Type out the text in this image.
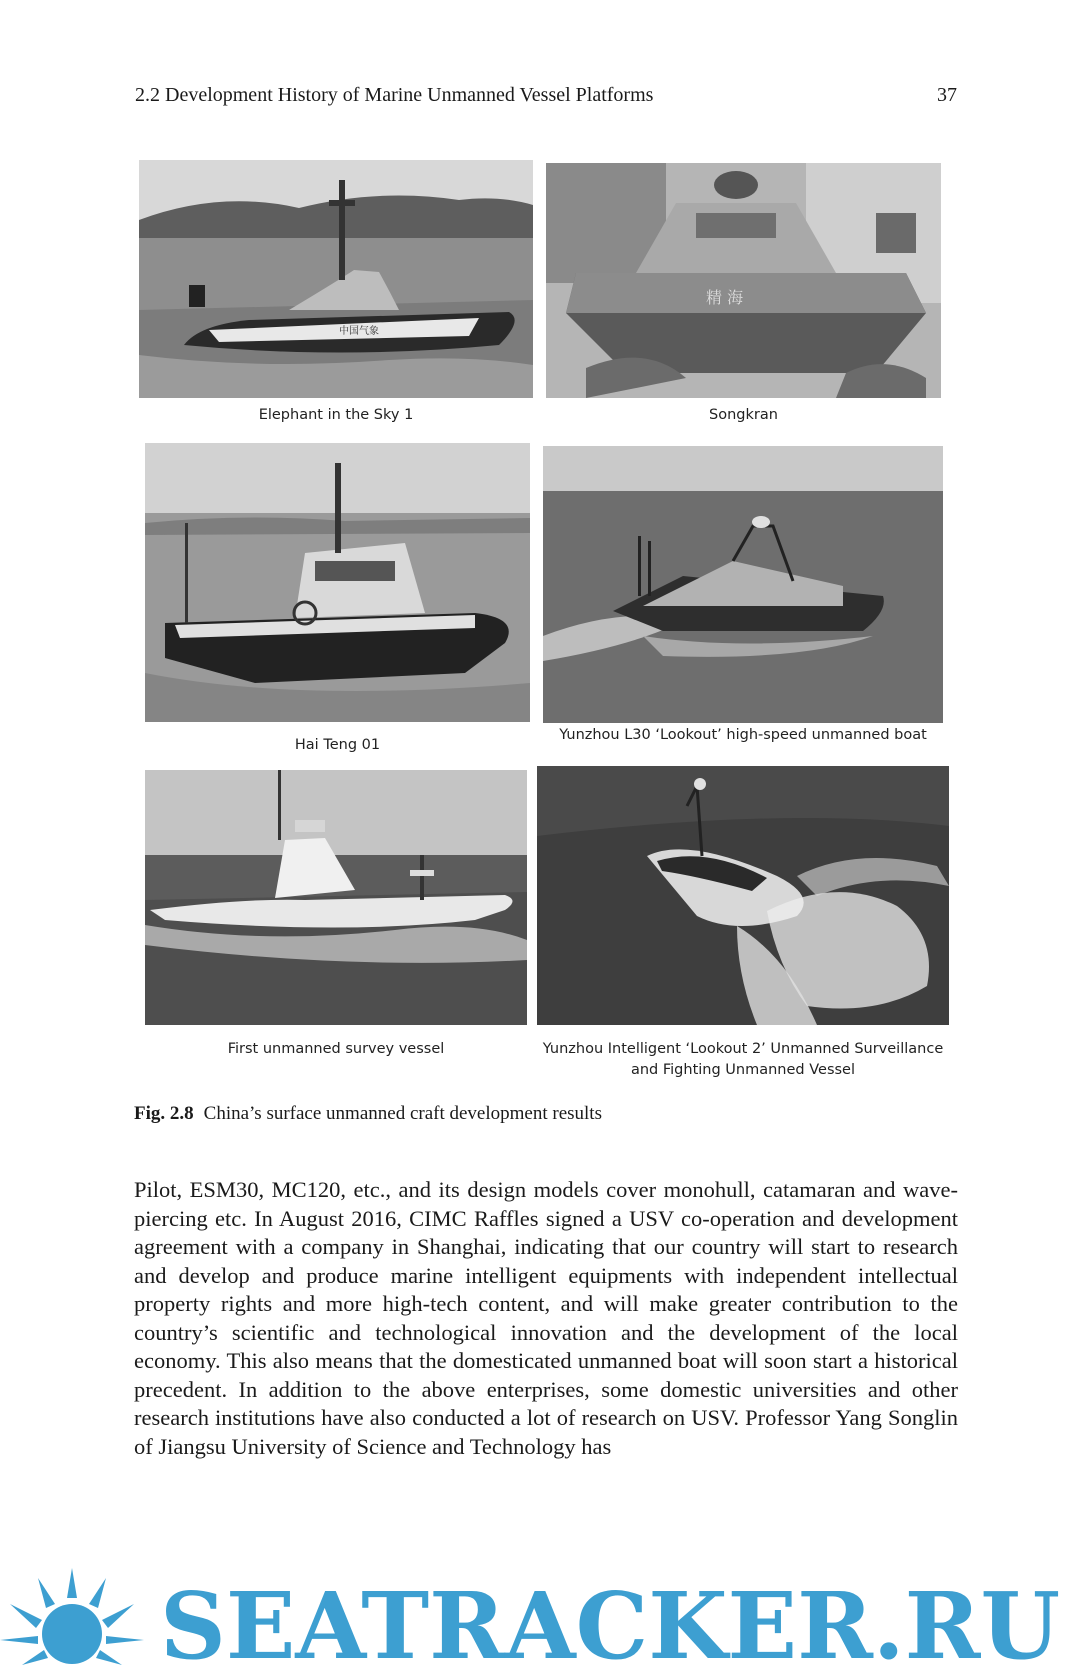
2.2 Development History of Marine Unmanned Vessel Platforms	37
中国气象
Elephant in the Sky 1
精 海
Songkran
Hai Teng 01
Yunzhou L30 ‘Lookout’ high-speed unmanned boat
First unmanned survey vessel	Yunzhou Intelligent ‘Lookout 2’ Unmanned Surveillance and Fighting Unmanned Vessel
Fig. 2.8 China’s surface unmanned craft development results
Pilot, ESM30, MC120, etc., and its design models cover monohull, catamaran and wave-piercing etc. In August 2016, CIMC Raffles signed a USV co-operation and development agreement with a company in Shanghai, indicating that our country will start to research and develop and produce marine intelligent equipments with independent intellectual property rights and more high-tech content, and will make greater contribution to the country’s scientific and technological innovation and the development of the local economy. This also means that the domesticated unmanned boat will soon start a historical precedent. In addition to the above enterprises, some domestic universities and other research institutions have also conducted a lot of research on USV. Professor Yang Songlin of Jiangsu University of Science and Technology has
SEATRACKER.RU
